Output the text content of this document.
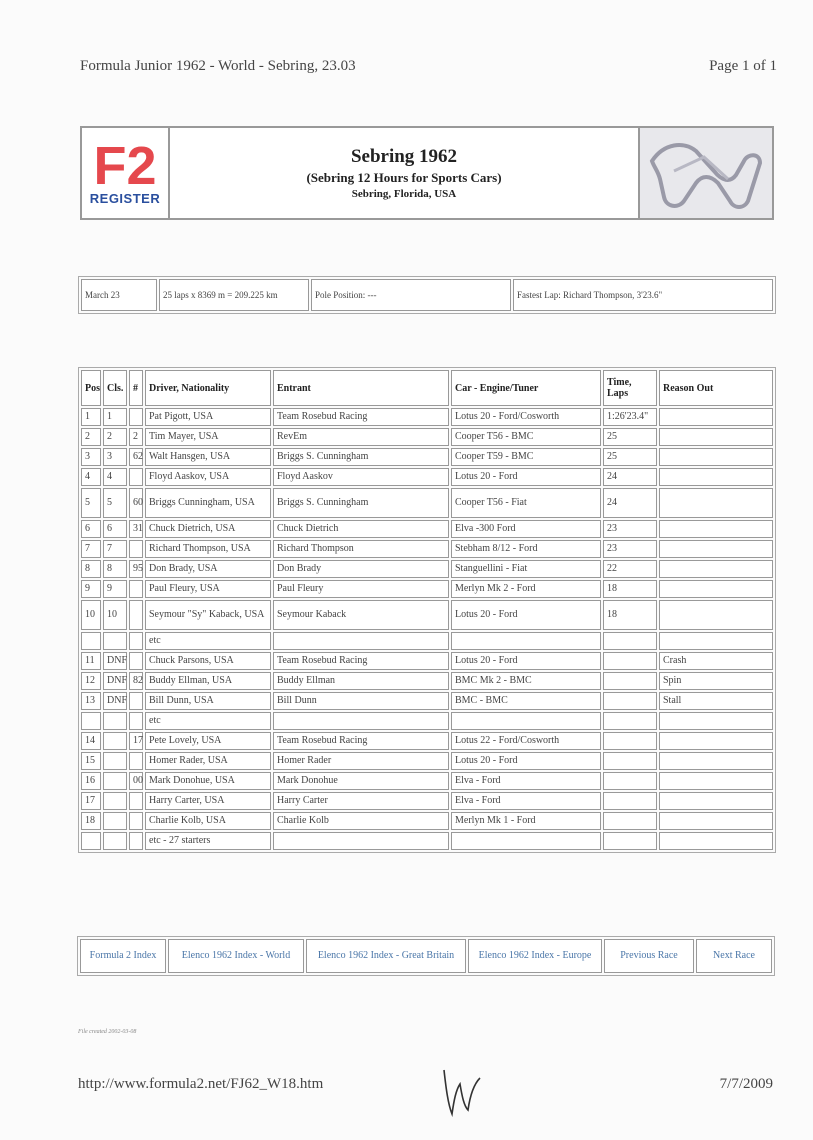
Formula Junior 1962 - World - Sebring, 23.03	Page 1 of 1
F2
REGISTER
Sebring 1962
(Sebring 12 Hours for Sports Cars)
Sebring, Florida, USA
March 23	25 laps x 8369 m = 209.225 km	Pole Position: ---	Fastest Lap: Richard Thompson, 3'23.6"
Pos	Cls.	#	Driver, Nationality	Entrant	Car - Engine/Tuner	Time, Laps	Reason Out
1	1		Pat Pigott, USA	Team Rosebud Racing	Lotus 20 - Ford/Cosworth	1:26'23.4"	
2	2	2	Tim Mayer, USA	RevEm	Cooper T56 - BMC	25	
3	3	62	Walt Hansgen, USA	Briggs S. Cunningham	Cooper T59 - BMC	25	
4	4		Floyd Aaskov, USA	Floyd Aaskov	Lotus 20 - Ford	24	
5	5	60	Briggs Cunningham, USA	Briggs S. Cunningham	Cooper T56 - Fiat	24	
6	6	31	Chuck Dietrich, USA	Chuck Dietrich	Elva -300 Ford	23	
7	7		Richard Thompson, USA	Richard Thompson	Stebham 8/12 - Ford	23	
8	8	95	Don Brady, USA	Don Brady	Stanguellini - Fiat	22	
9	9		Paul Fleury, USA	Paul Fleury	Merlyn Mk 2 - Ford	18	
10	10		Seymour "Sy" Kaback, USA	Seymour Kaback	Lotus 20 - Ford	18	
			etc				
11	DNF		Chuck Parsons, USA	Team Rosebud Racing	Lotus 20 - Ford		Crash
12	DNF	82	Buddy Ellman, USA	Buddy Ellman	BMC Mk 2 - BMC		Spin
13	DNF		Bill Dunn, USA	Bill Dunn	BMC - BMC		Stall
			etc				
14		17	Pete Lovely, USA	Team Rosebud Racing	Lotus 22 - Ford/Cosworth		
15			Homer Rader, USA	Homer Rader	Lotus 20 - Ford		
16		00	Mark Donohue, USA	Mark Donohue	Elva - Ford		
17			Harry Carter, USA	Harry Carter	Elva - Ford		
18			Charlie Kolb, USA	Charlie Kolb	Merlyn Mk 1 - Ford		
			etc - 27 starters				
Formula 2 Index	Elenco 1962 Index - World	Elenco 1962 Index - Great Britain	Elenco 1962 Index - Europe	Previous Race	Next Race
File created 2002-03-08
http://www.formula2.net/FJ62_W18.htm	7/7/2009
